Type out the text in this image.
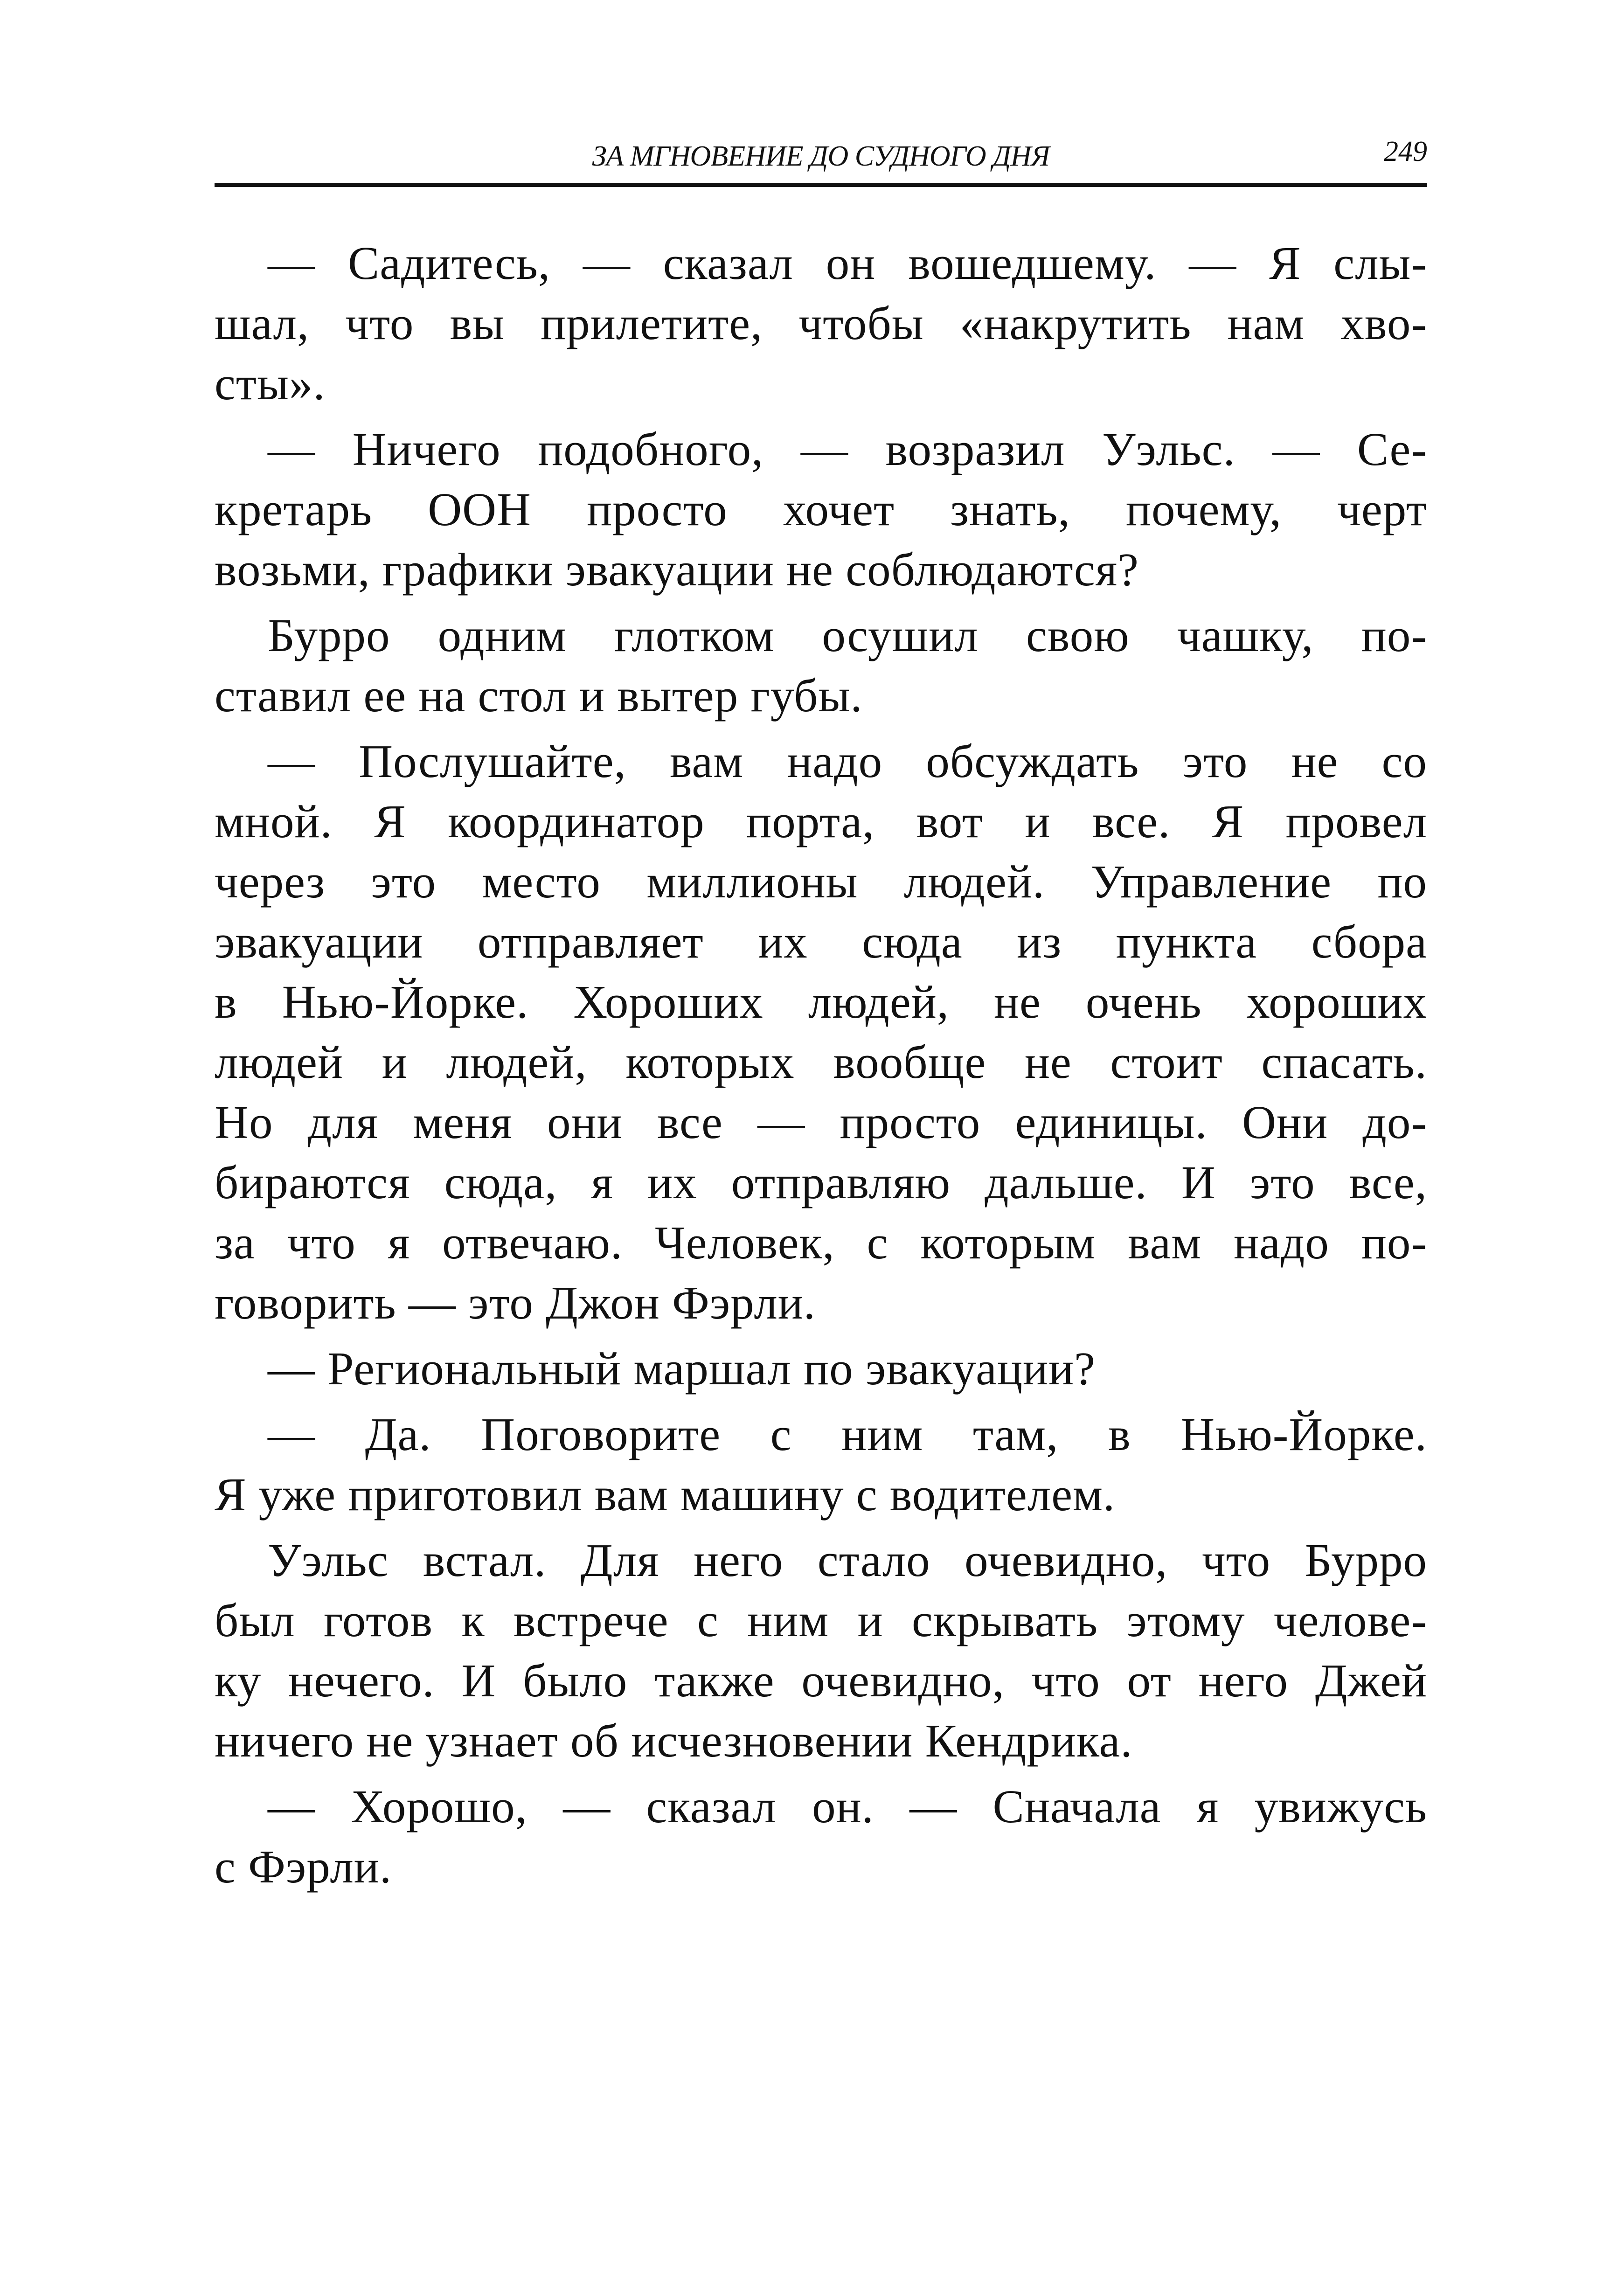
ЗА МГНОВЕНИЕ ДО СУДНОГО ДНЯ	249

— Садитесь, — сказал он вошедшему. — Я слы-
шал, что вы прилетите, чтобы «накрутить нам хво-
сты».

— Ничего подобного, — возразил Уэльс. — Се-
кретарь ООН просто хочет знать, почему, черт
возьми, графики эвакуации не соблюдаются?

Бурро одним глотком осушил свою чашку, по-
ставил ее на стол и вытер губы.

— Послушайте, вам надо обсуждать это не со
мной. Я координатор порта, вот и все. Я провел
через это место миллионы людей. Управление по
эвакуации отправляет их сюда из пункта сбора
в Нью-Йорке. Хороших людей, не очень хороших
людей и людей, которых вообще не стоит спасать.
Но для меня они все — просто единицы. Они до-
бираются сюда, я их отправляю дальше. И это все,
за что я отвечаю. Человек, с которым вам надо по-
говорить — это Джон Фэрли.

— Региональный маршал по эвакуации?

— Да. Поговорите с ним там, в Нью-Йорке.
Я уже приготовил вам машину с водителем.

Уэльс встал. Для него стало очевидно, что Бурро
был готов к встрече с ним и скрывать этому челове-
ку нечего. И было также очевидно, что от него Джей
ничего не узнает об исчезновении Кендрика.

— Хорошо, — сказал он. — Сначала я увижусь
с Фэрли.
